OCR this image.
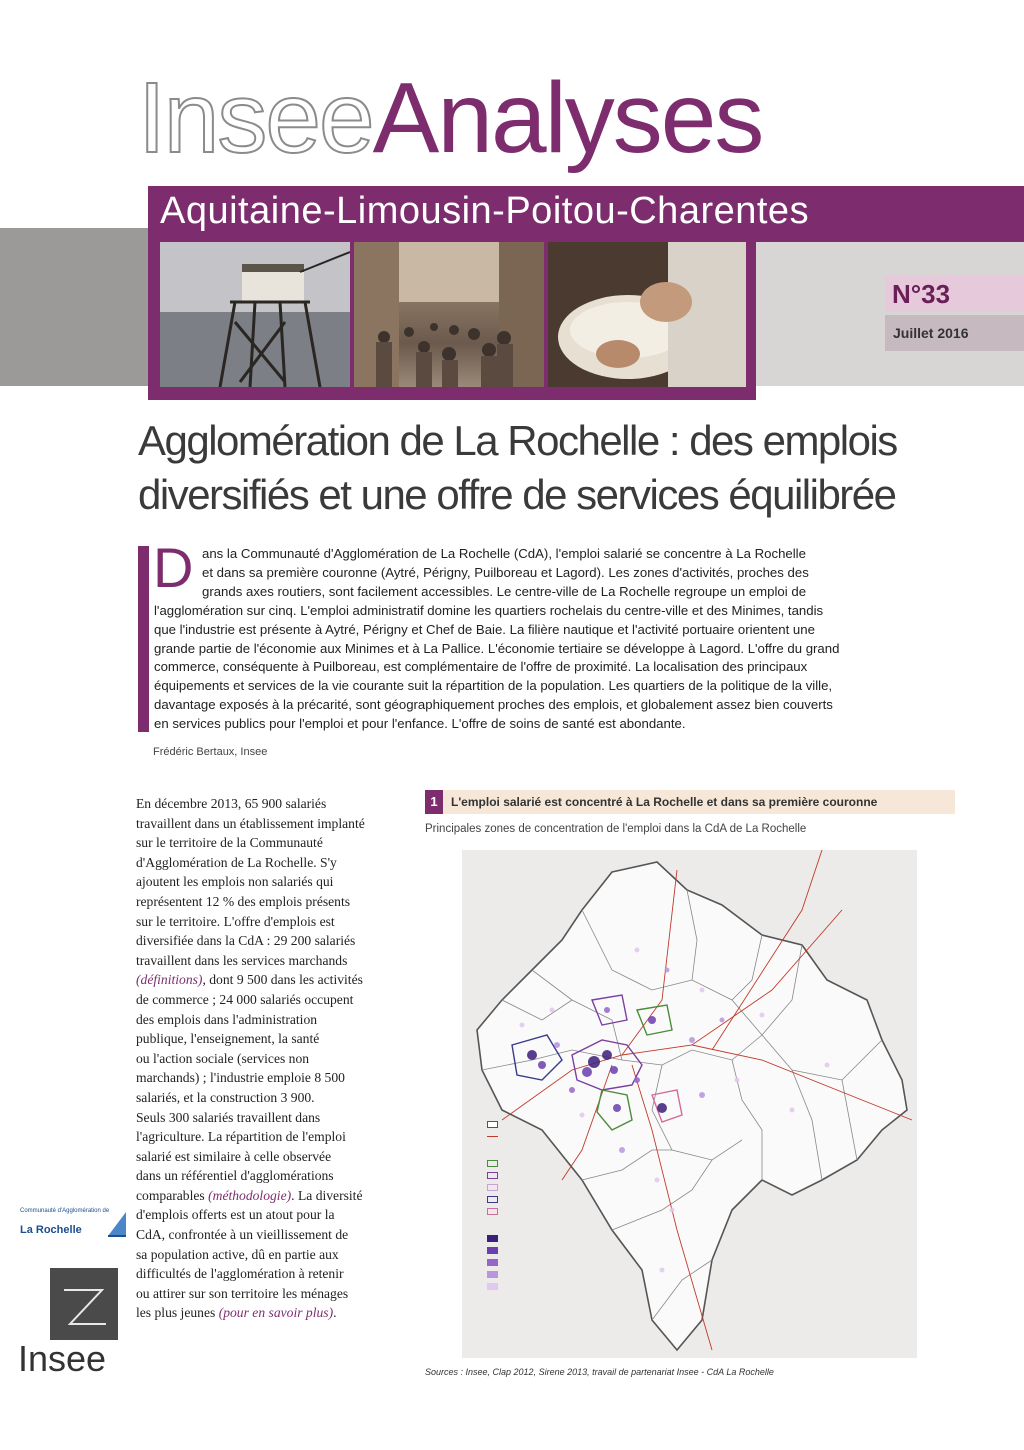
InseeAnalyses
Aquitaine-Limousin-Poitou-Charentes
N°33
Juillet 2016
Agglomération de La Rochelle : des emplois
diversifiés et une offre de services équilibrée
D ans la Communauté d'Agglomération de La Rochelle (CdA), l'emploi salarié se concentre à La Rochelle
et dans sa première couronne (Aytré, Périgny, Puilboreau et Lagord). Les zones d'activités, proches des
grands axes routiers, sont facilement accessibles. Le centre-ville de La Rochelle regroupe un emploi de
l'agglomération sur cinq. L'emploi administratif domine les quartiers rochelais du centre-ville et des Minimes, tandis
que l'industrie est présente à Aytré, Périgny et Chef de Baie. La filière nautique et l'activité portuaire orientent une
grande partie de l'économie aux Minimes et à La Pallice. L'économie tertiaire se développe à Lagord. L'offre du grand
commerce, conséquente à Puilboreau, est complémentaire de l'offre de proximité. La localisation des principaux
équipements et services de la vie courante suit la répartition de la population. Les quartiers de la politique de la ville,
davantage exposés à la précarité, sont géographiquement proches des emplois, et globalement assez bien couverts
en services publics pour l'emploi et pour l'enfance. L'offre de soins de santé est abondante.
Frédéric Bertaux, Insee
En décembre 2013, 65 900 salariés
travaillent dans un établissement implanté
sur le territoire de la Communauté
d'Agglomération de La Rochelle. S'y
ajoutent les emplois non salariés qui
représentent 12 % des emplois présents
sur le territoire. L'offre d'emplois est
diversifiée dans la CdA : 29 200 salariés
travaillent dans les services marchands
(définitions), dont 9 500 dans les activités
de commerce ; 24 000 salariés occupent
des emplois dans l'administration
publique, l'enseignement, la santé
ou l'action sociale (services non
marchands) ; l'industrie emploie 8 500
salariés, et la construction 3 900.
Seuls 300 salariés travaillent dans
l'agriculture. La répartition de l'emploi
salarié est similaire à celle observée
dans un référentiel d'agglomérations
comparables (méthodologie). La diversité
d'emplois offerts est un atout pour la
CdA, confrontée à un vieillissement de
sa population active, dû en partie aux
difficultés de l'agglomération à retenir
ou attirer sur son territoire les ménages
les plus jeunes (pour en savoir plus).
1	L'emploi salarié est concentré à La Rochelle et dans sa première couronne
Principales zones de concentration de l'emploi dans la CdA de La Rochelle
Sources : Insee, Clap 2012, Sirene 2013, travail de partenariat Insee - CdA La Rochelle
Communauté d'Agglomération de
La Rochelle
Insee
